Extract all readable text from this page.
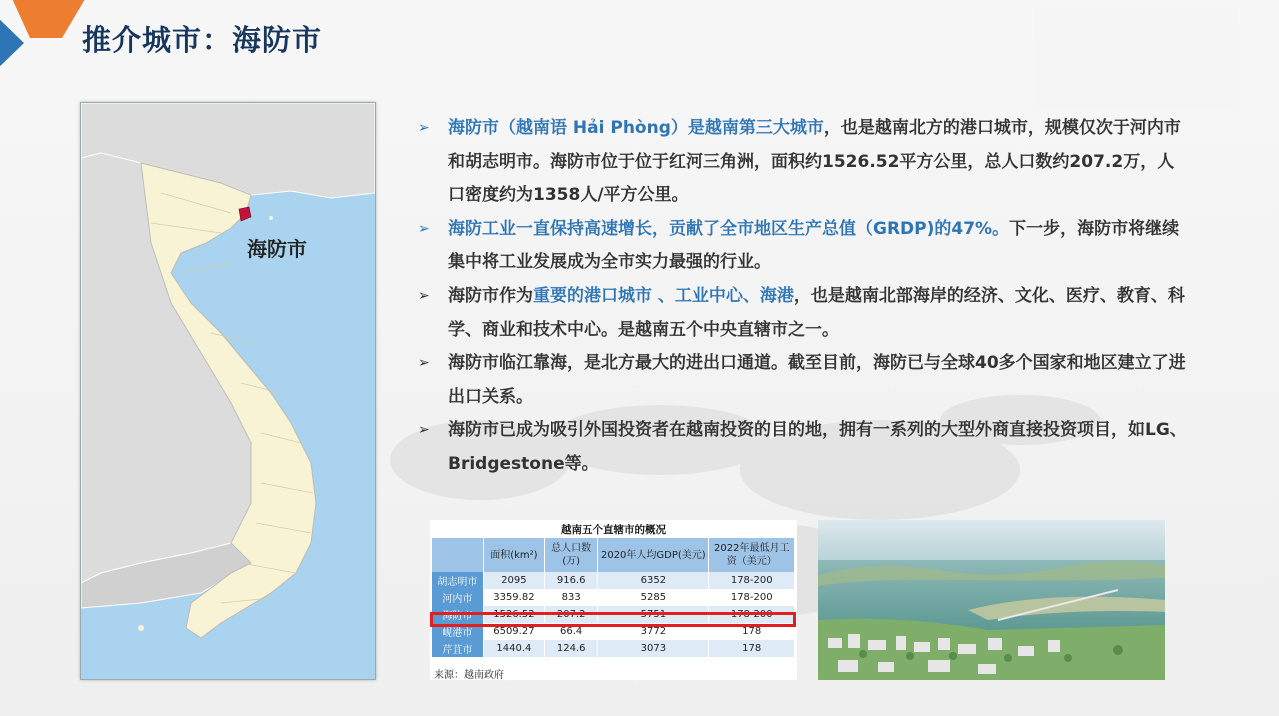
推介城市：海防市
海防市
➢ 海防市（越南语 Hải Phòng）是越南第三大城市，也是越南北方的港口城市，规模仅次于河内市和胡志明市。海防市位于位于红河三角洲，面积约1526.52平方公里，总人口数约207.2万，人口密度约为1358人/平方公里。
➢ 海防工业一直保持高速增长，贡献了全市地区生产总值（GRDP)的47%。下一步，海防市将继续集中将工业发展成为全市实力最强的行业。
➢ 海防市作为重要的港口城市 、工业中心、海港，也是越南北部海岸的经济、文化、医疗、教育、科学、商业和技术中心。是越南五个中央直辖市之一。
➢ 海防市临江靠海，是北方最大的进出口通道。截至目前，海防已与全球40多个国家和地区建立了进出口关系。
➢ 海防市已成为吸引外国投资者在越南投资的目的地，拥有一系列的大型外商直接投资项目，如LG、Bridgestone等。
越南五个直辖市的概况
	面积(km²)	总人口数(万)	2020年人均GDP(美元)	2022年最低月工资（美元）
胡志明市	2095	916.6	6352	178-200
河内市	3359.82	833	5285	178-200
海防市	1526.52	207.2	5751	178-200
岘港市	6509.27	66.4	3772	178
芹苴市	1440.4	124.6	3073	178
来源：越南政府
